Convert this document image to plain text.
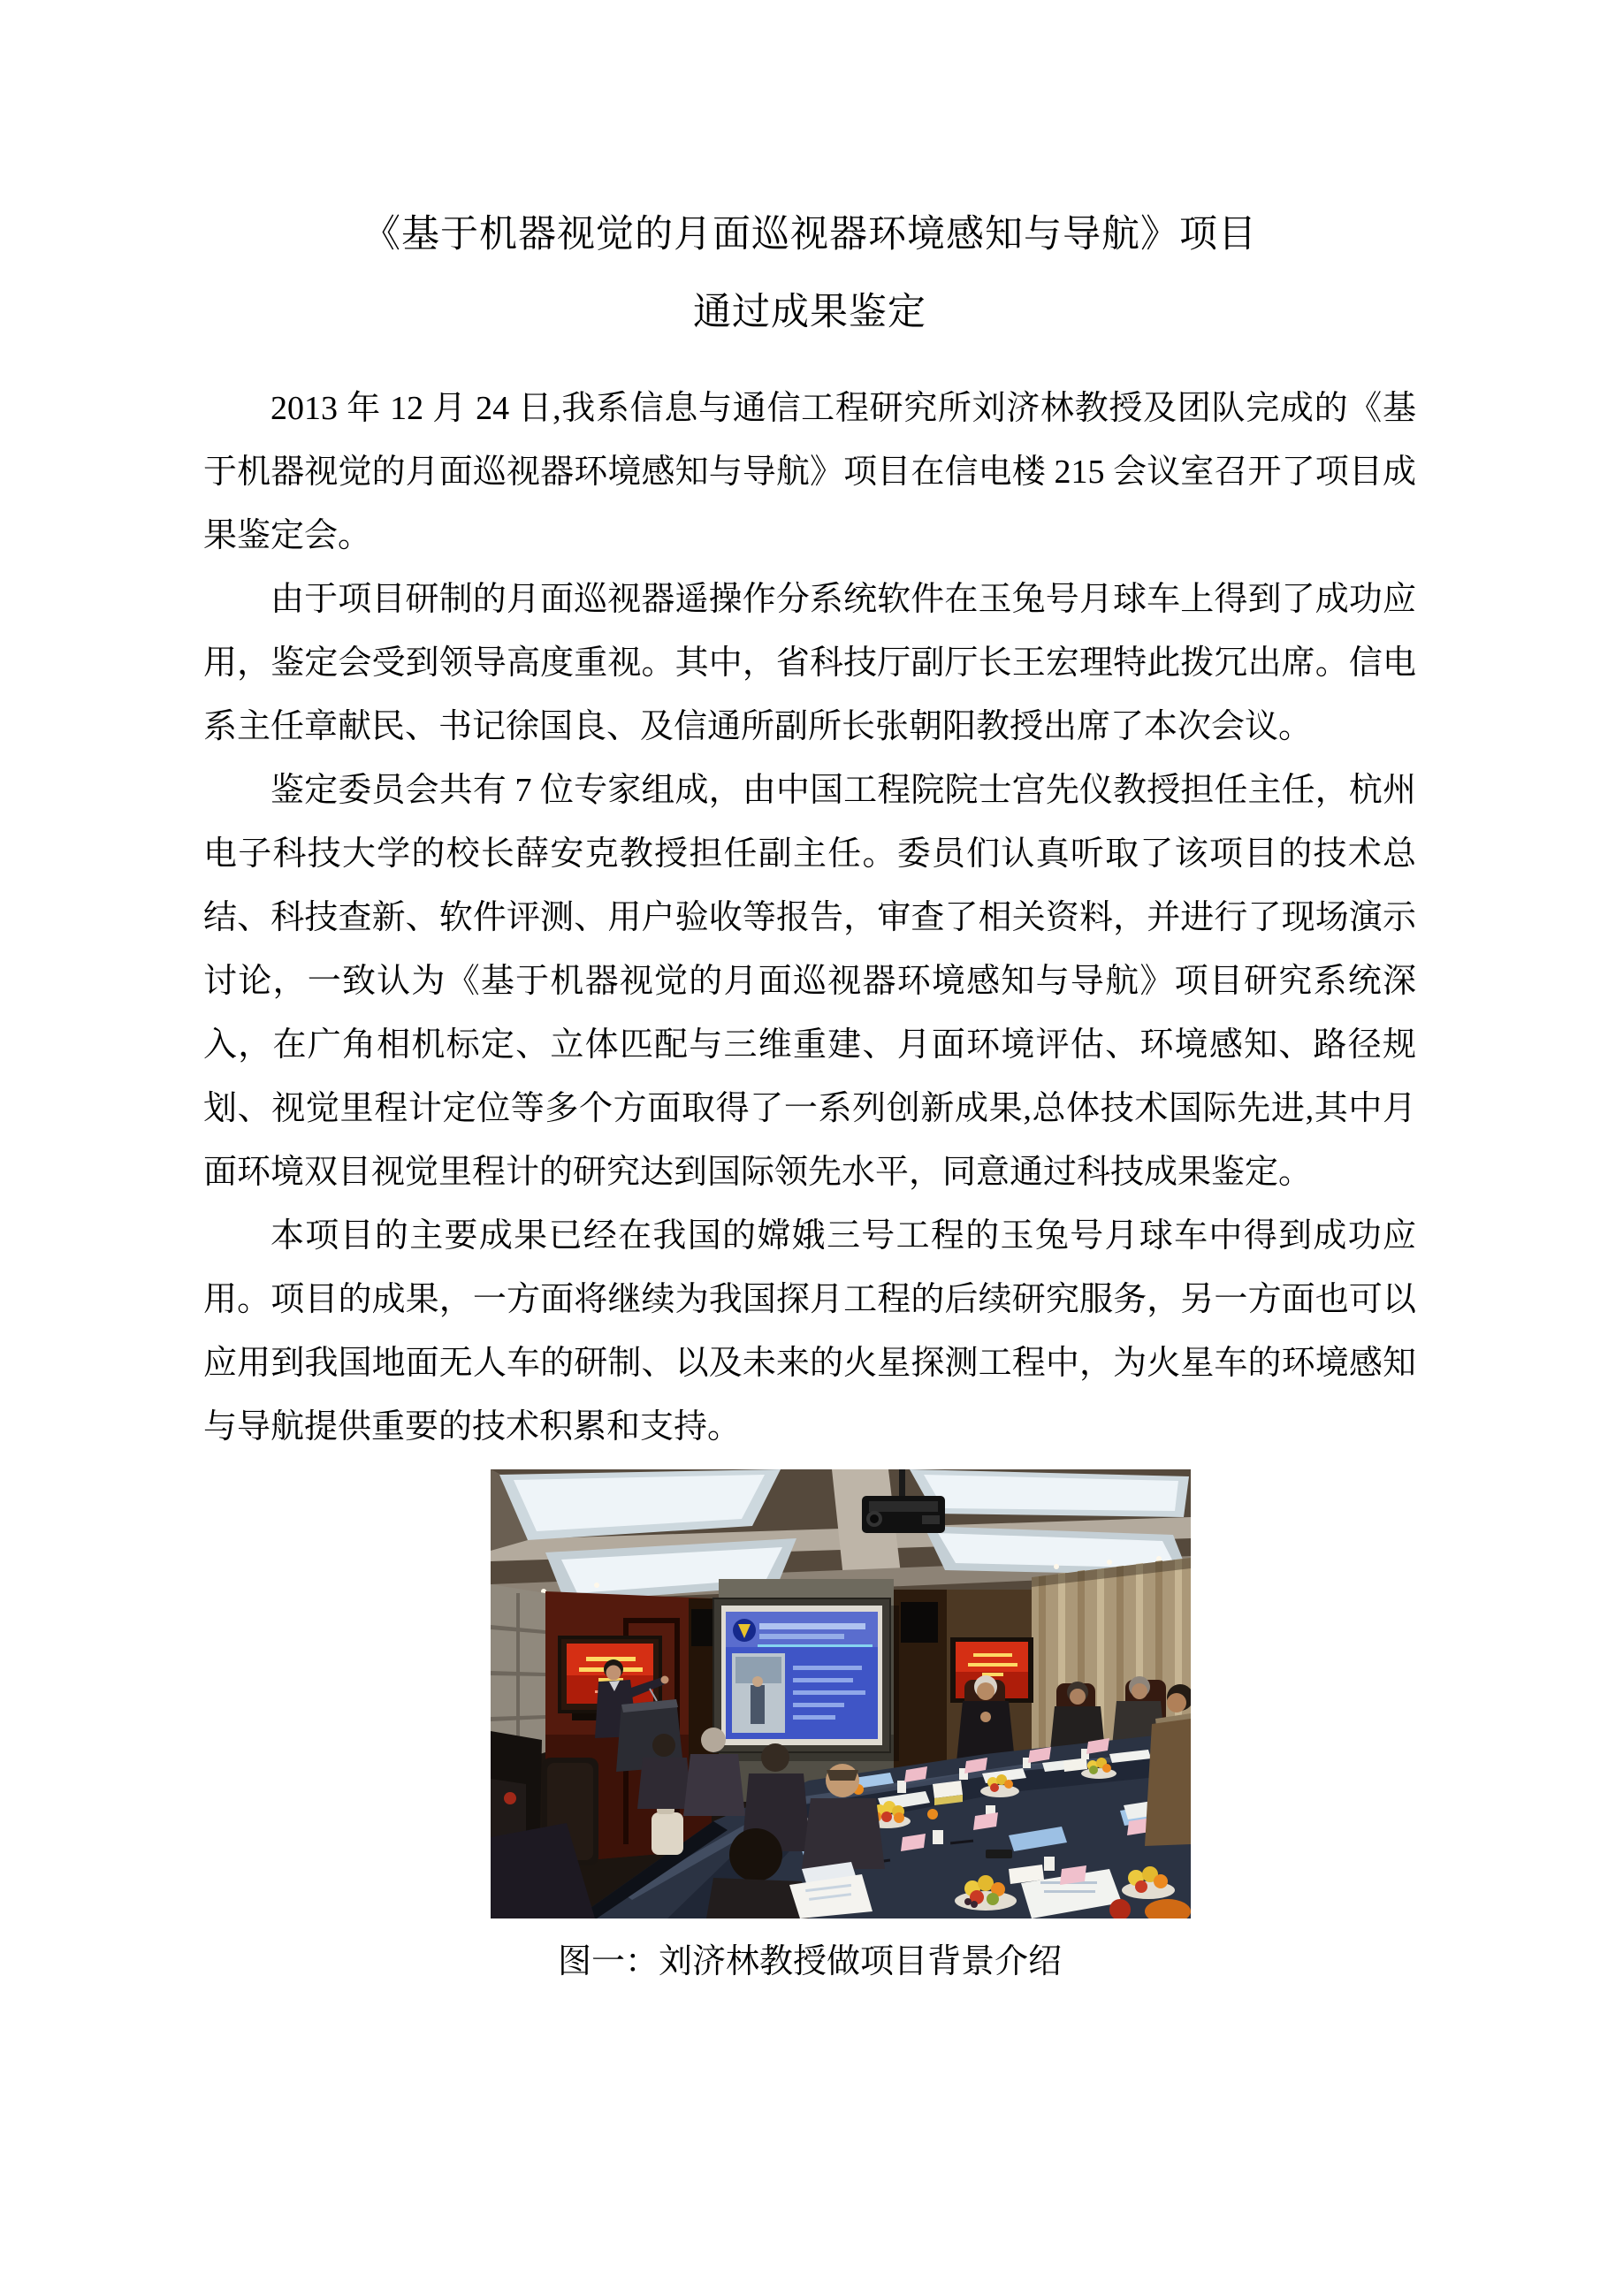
《基于机器视觉的月面巡视器环境感知与导航》项目
通过成果鉴定

2013 年 12 月 24 日,我系信息与通信工程研究所刘济林教授及团队完成的《基于机器视觉的月面巡视器环境感知与导航》项目在信电楼 215 会议室召开了项目成果鉴定会。

由于项目研制的月面巡视器遥操作分系统软件在玉兔号月球车上得到了成功应用，鉴定会受到领导高度重视。其中，省科技厅副厅长王宏理特此拨冗出席。信电系主任章献民、书记徐国良、及信通所副所长张朝阳教授出席了本次会议。

鉴定委员会共有 7 位专家组成，由中国工程院院士宫先仪教授担任主任，杭州电子科技大学的校长薛安克教授担任副主任。委员们认真听取了该项目的技术总结、科技查新、软件评测、用户验收等报告，审查了相关资料，并进行了现场演示讨论，一致认为《基于机器视觉的月面巡视器环境感知与导航》项目研究系统深入，在广角相机标定、立体匹配与三维重建、月面环境评估、环境感知、路径规划、视觉里程计定位等多个方面取得了一系列创新成果,总体技术国际先进,其中月面环境双目视觉里程计的研究达到国际领先水平，同意通过科技成果鉴定。

本项目的主要成果已经在我国的嫦娥三号工程的玉兔号月球车中得到成功应用。项目的成果，一方面将继续为我国探月工程的后续研究服务，另一方面也可以应用到我国地面无人车的研制、以及未来的火星探测工程中，为火星车的环境感知与导航提供重要的技术积累和支持。

图一：刘济林教授做项目背景介绍
